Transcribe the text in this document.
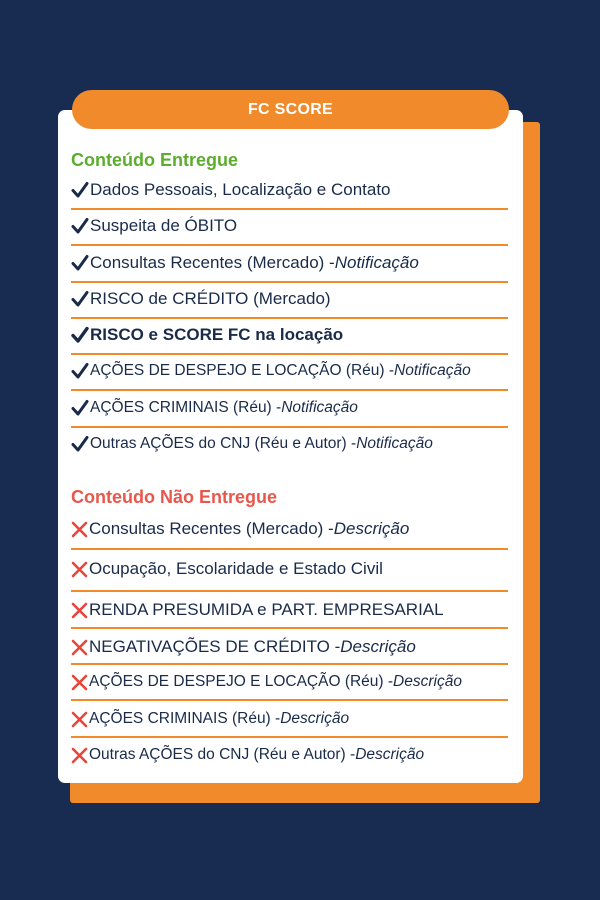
FC SCORE
Conteúdo Entregue
Dados Pessoais, Localização e Contato
Suspeita de ÓBITO
Consultas Recentes (Mercado) - Notificação
RISCO de CRÉDITO (Mercado)
RISCO e SCORE FC na locação
AÇÕES DE DESPEJO E LOCAÇÃO (Réu) - Notificação
AÇÕES CRIMINAIS (Réu) - Notificação
Outras AÇÕES do CNJ (Réu e Autor) - Notificação
Conteúdo Não Entregue
Consultas Recentes (Mercado) - Descrição
Ocupação, Escolaridade e Estado Civil
RENDA PRESUMIDA e PART. EMPRESARIAL
NEGATIVAÇÕES DE CRÉDITO - Descrição
AÇÕES DE DESPEJO E LOCAÇÃO (Réu) - Descrição
AÇÕES CRIMINAIS (Réu) - Descrição
Outras AÇÕES do CNJ (Réu e Autor) - Descrição
